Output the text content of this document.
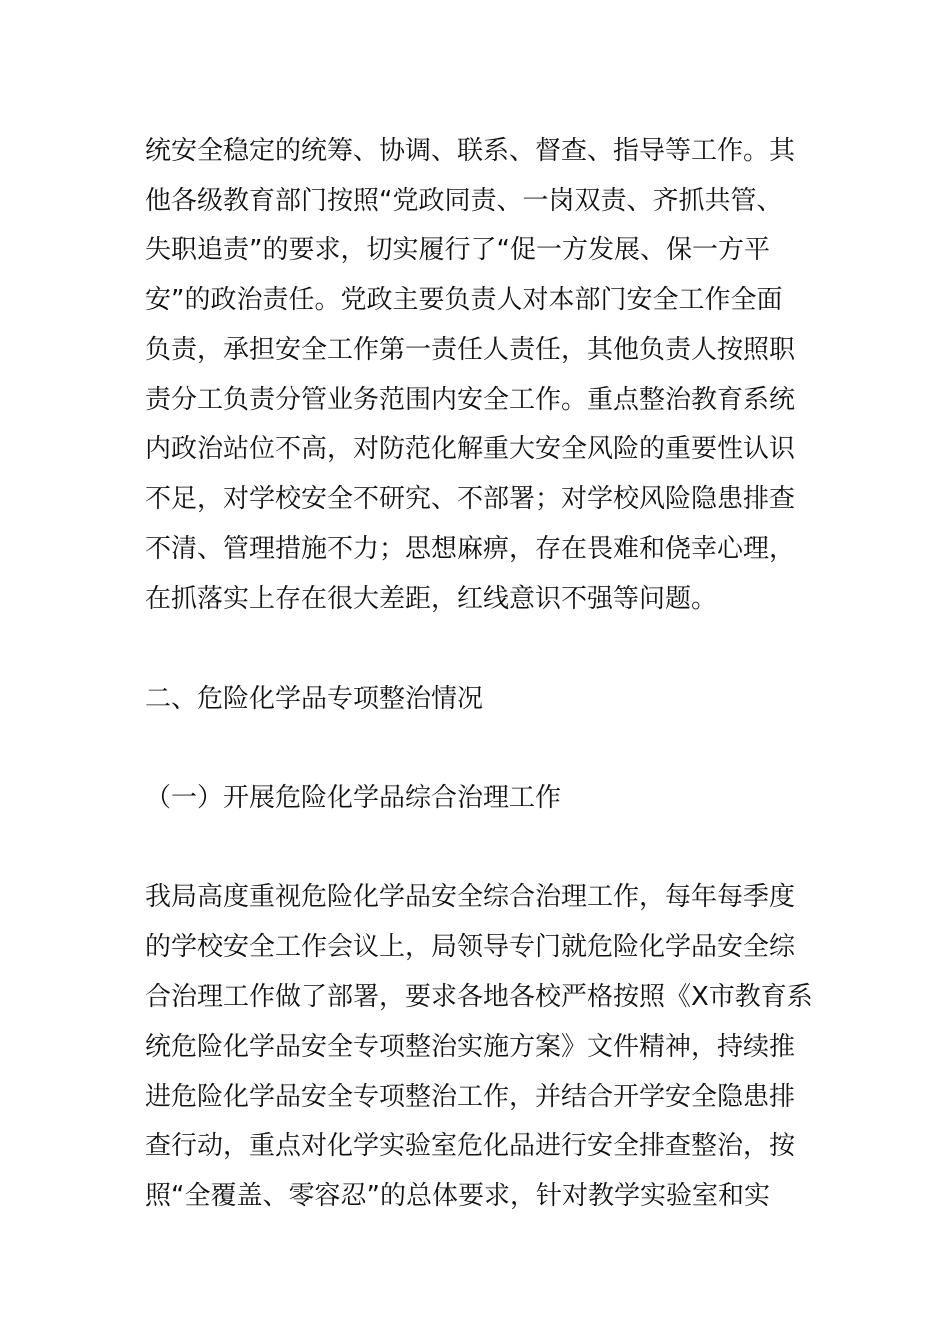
统安全稳定的统筹、协调、联系、督查、指导等工作。其
他各级教育部门按照“党政同责、一岗双责、齐抓共管、
失职追责”的要求，切实履行了“促一方发展、保一方平
安”的政治责任。党政主要负责人对本部门安全工作全面
负责，承担安全工作第一责任人责任，其他负责人按照职
责分工负责分管业务范围内安全工作。重点整治教育系统
内政治站位不高，对防范化解重大安全风险的重要性认识
不足，对学校安全不研究、不部署；对学校风险隐患排查
不清、管理措施不力；思想麻痹，存在畏难和侥幸心理，
在抓落实上存在很大差距，红线意识不强等问题。
二、危险化学品专项整治情况
（一）开展危险化学品综合治理工作
我局高度重视危险化学品安全综合治理工作，每年每季度
的学校安全工作会议上，局领导专门就危险化学品安全综
合治理工作做了部署，要求各地各校严格按照《X市教育系
统危险化学品安全专项整治实施方案》文件精神，持续推
进危险化学品安全专项整治工作，并结合开学安全隐患排
查行动，重点对化学实验室危化品进行安全排查整治，按
照“全覆盖、零容忍”的总体要求，针对教学实验室和实
